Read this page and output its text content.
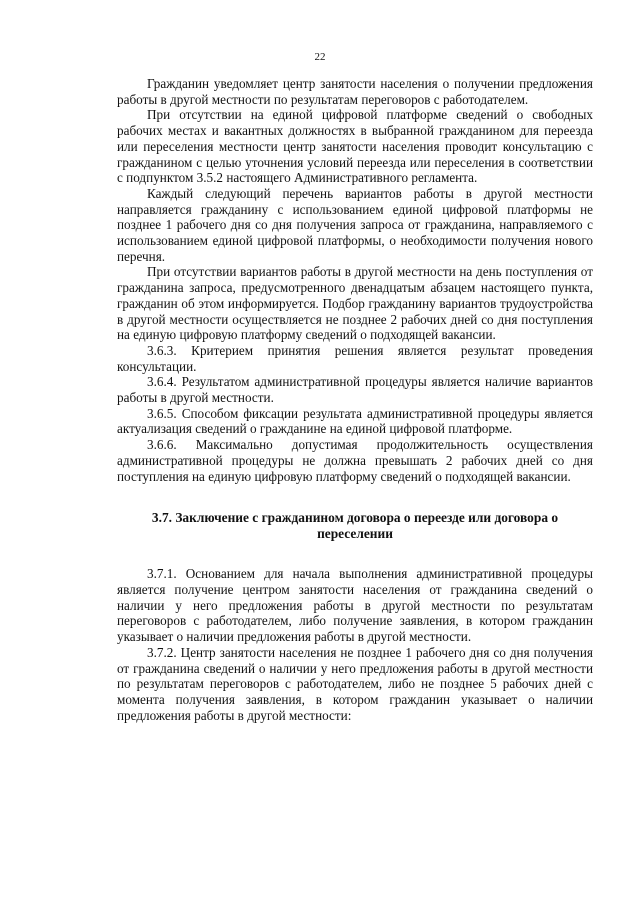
22

Гражданин уведомляет центр занятости населения о получении предложения работы в другой местности по результатам переговоров с работодателем.

При отсутствии на единой цифровой платформе сведений о свободных рабочих местах и вакантных должностях в выбранной гражданином для переезда или переселения местности центр занятости населения проводит консультацию с гражданином с целью уточнения условий переезда или переселения в соответствии с подпунктом 3.5.2 настоящего Административного регламента.

Каждый следующий перечень вариантов работы в другой местности направляется гражданину с использованием единой цифровой платформы не позднее 1 рабочего дня со дня получения запроса от гражданина, направляемого с использованием единой цифровой платформы, о необходимости получения нового перечня.

При отсутствии вариантов работы в другой местности на день поступления от гражданина запроса, предусмотренного двенадцатым абзацем настоящего пункта, гражданин об этом информируется. Подбор гражданину вариантов трудоустройства в другой местности осуществляется не позднее 2 рабочих дней со дня поступления на единую цифровую платформу сведений о подходящей вакансии.

3.6.3. Критерием принятия решения является результат проведения консультации.

3.6.4. Результатом административной процедуры является наличие вариантов работы в другой местности.

3.6.5. Способом фиксации результата административной процедуры является актуализация сведений о гражданине на единой цифровой платформе.

3.6.6. Максимально допустимая продолжительность осуществления административной процедуры не должна превышать 2 рабочих дней со дня поступления на единую цифровую платформу сведений о подходящей вакансии.

3.7. Заключение с гражданином договора о переезде или договора о переселении

3.7.1. Основанием для начала выполнения административной процедуры является получение центром занятости населения от гражданина сведений о наличии у него предложения работы в другой местности по результатам переговоров с работодателем, либо получение заявления, в котором гражданин указывает о наличии предложения работы в другой местности.

3.7.2. Центр занятости населения не позднее 1 рабочего дня со дня получения от гражданина сведений о наличии у него предложения работы в другой местности по результатам переговоров с работодателем, либо не позднее 5 рабочих дней с момента получения заявления, в котором гражданин указывает о наличии предложения работы в другой местности:
